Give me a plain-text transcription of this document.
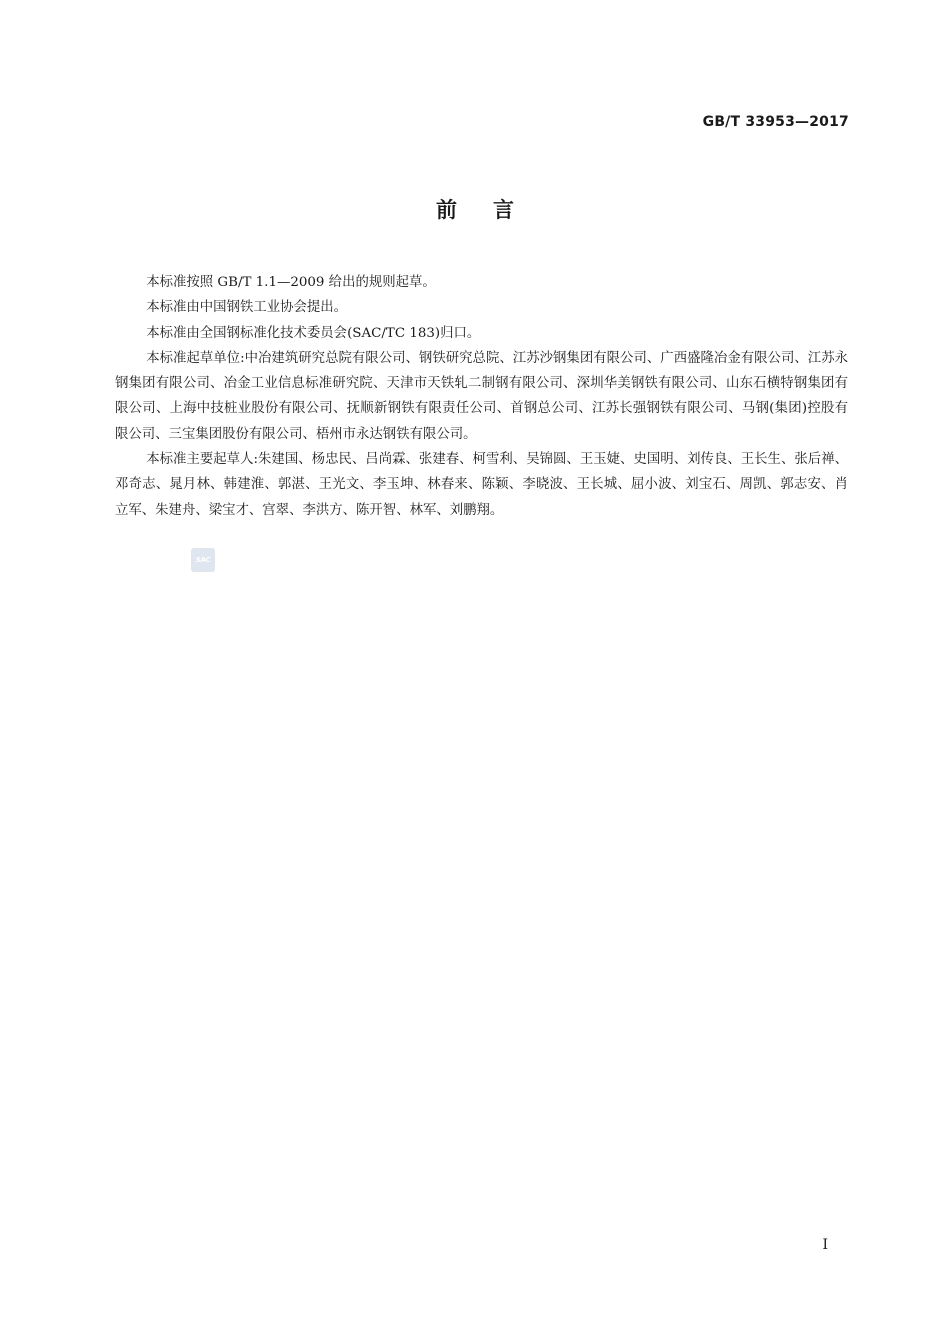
GB/T 33953—2017
前言

本标准按照 GB/T 1.1—2009 给出的规则起草。

本标准由中国钢铁工业协会提出。

本标准由全国钢标准化技术委员会(SAC/TC 183)归口。

本标准起草单位:中冶建筑研究总院有限公司、钢铁研究总院、江苏沙钢集团有限公司、广西盛隆冶金有限公司、江苏永钢集团有限公司、冶金工业信息标准研究院、天津市天铁轧二制钢有限公司、深圳华美钢铁有限公司、山东石横特钢集团有限公司、上海中技桩业股份有限公司、抚顺新钢铁有限责任公司、首钢总公司、江苏长强钢铁有限公司、马钢(集团)控股有限公司、三宝集团股份有限公司、梧州市永达钢铁有限公司。

本标准主要起草人:朱建国、杨忠民、吕尚霖、张建春、柯雪利、吴锦圆、王玉婕、史国明、刘传良、王长生、张后禅、邓奇志、晁月林、韩建淮、郭湛、王光文、李玉坤、林春来、陈颖、李晓波、王长城、屈小波、刘宝石、周凯、郭志安、肖立军、朱建舟、梁宝才、宫翠、李洪方、陈开智、林军、刘鹏翔。

SAC
I
